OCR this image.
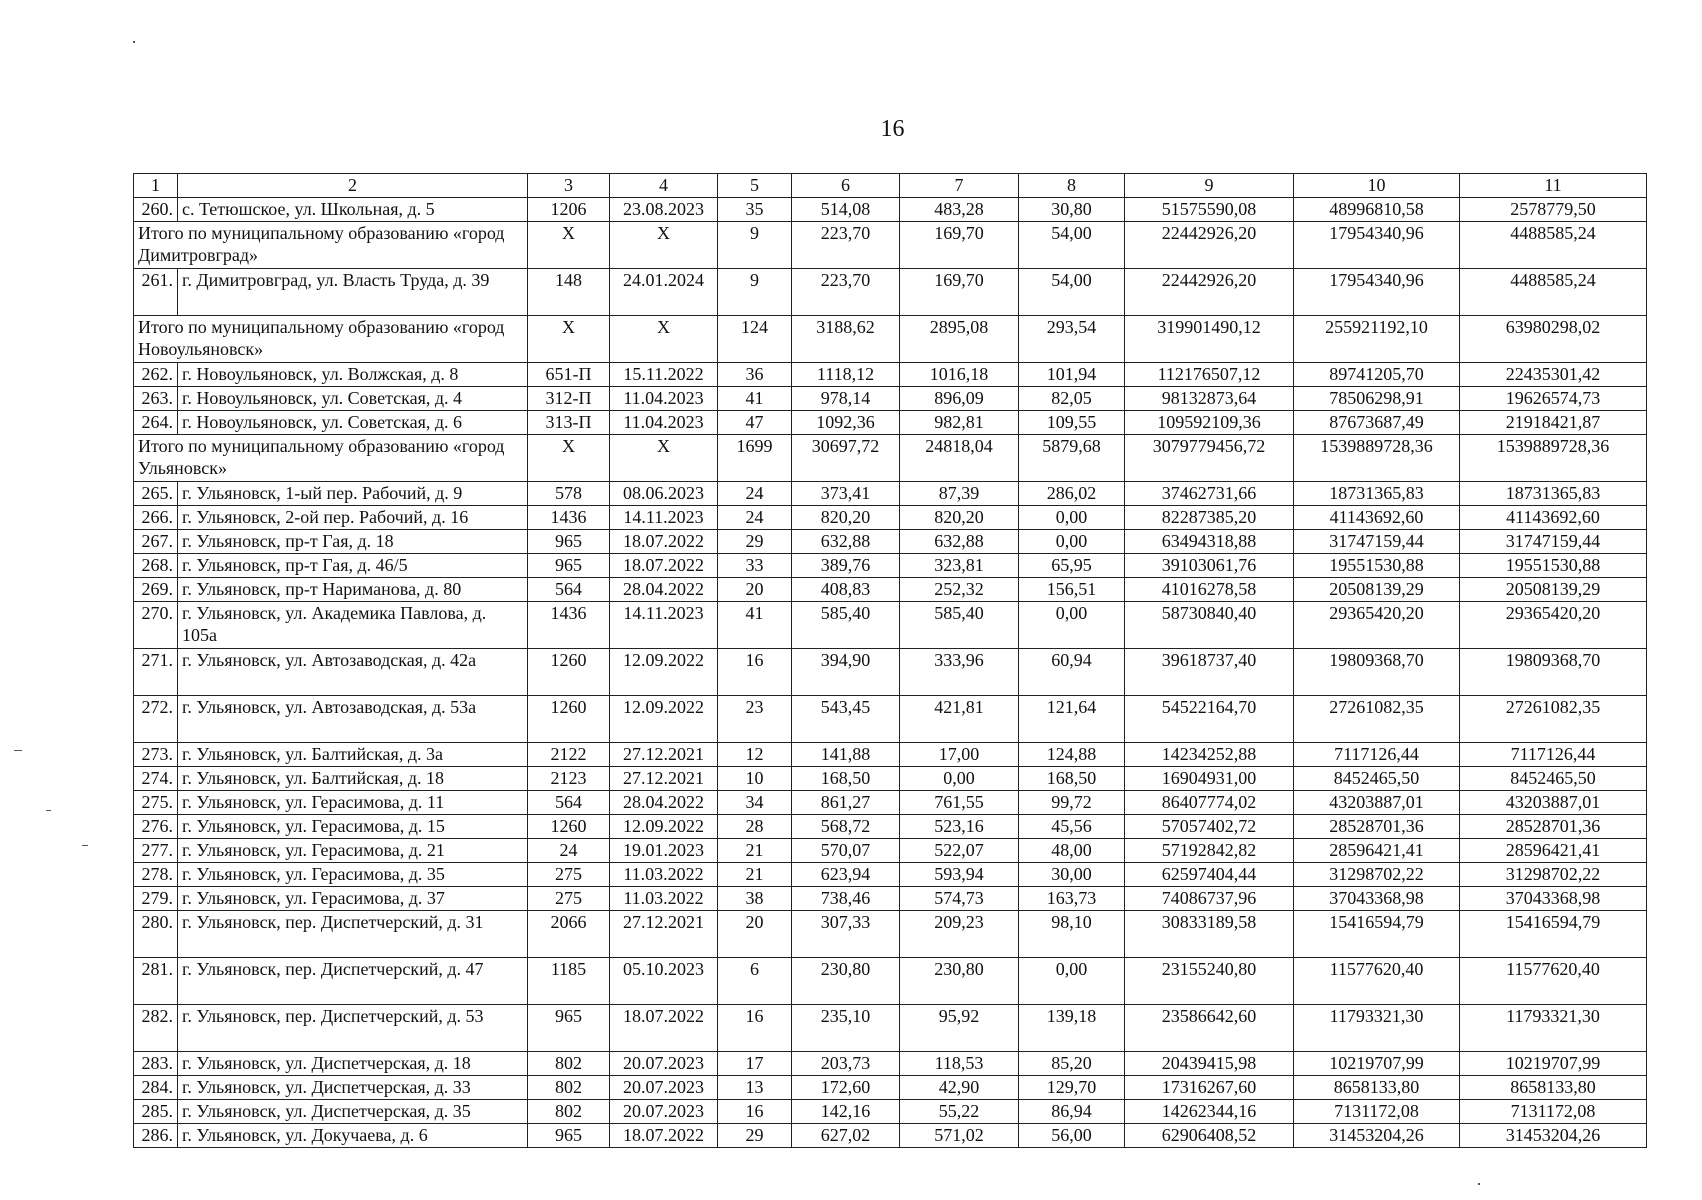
16
1	2	3	4	5	6	7	8	9	10	11
260.	с. Тетюшское, ул. Школьная, д. 5	1206	23.08.2023	35	514,08	483,28	30,80	51575590,08	48996810,58	2578779,50
Итого по муниципальному образованию «город Димитровград»		X	X	9	223,70	169,70	54,00	22442926,20	17954340,96	4488585,24
261.	г. Димитровград, ул. Власть Труда, д. 39	148	24.01.2024	9	223,70	169,70	54,00	22442926,20	17954340,96	4488585,24
Итого по муниципальному образованию «город Новоульяновск»		X	X	124	3188,62	2895,08	293,54	319901490,12	255921192,10	63980298,02
262.	г. Новоульяновск, ул. Волжская, д. 8	651-П	15.11.2022	36	1118,12	1016,18	101,94	112176507,12	89741205,70	22435301,42
263.	г. Новоульяновск, ул. Советская, д. 4	312-П	11.04.2023	41	978,14	896,09	82,05	98132873,64	78506298,91	19626574,73
264.	г. Новоульяновск, ул. Советская, д. 6	313-П	11.04.2023	47	1092,36	982,81	109,55	109592109,36	87673687,49	21918421,87
Итого по муниципальному образованию «город Ульяновск»		X	X	1699	30697,72	24818,04	5879,68	3079779456,72	1539889728,36	1539889728,36
265.	г. Ульяновск, 1-ый пер. Рабочий, д. 9	578	08.06.2023	24	373,41	87,39	286,02	37462731,66	18731365,83	18731365,83
266.	г. Ульяновск, 2-ой пер. Рабочий, д. 16	1436	14.11.2023	24	820,20	820,20	0,00	82287385,20	41143692,60	41143692,60
267.	г. Ульяновск, пр-т Гая, д. 18	965	18.07.2022	29	632,88	632,88	0,00	63494318,88	31747159,44	31747159,44
268.	г. Ульяновск, пр-т Гая, д. 46/5	965	18.07.2022	33	389,76	323,81	65,95	39103061,76	19551530,88	19551530,88
269.	г. Ульяновск, пр-т Нариманова, д. 80	564	28.04.2022	20	408,83	252,32	156,51	41016278,58	20508139,29	20508139,29
270.	г. Ульяновск, ул. Академика Павлова, д. 105а	1436	14.11.2023	41	585,40	585,40	0,00	58730840,40	29365420,20	29365420,20
271.	г. Ульяновск, ул. Автозаводская, д. 42а	1260	12.09.2022	16	394,90	333,96	60,94	39618737,40	19809368,70	19809368,70
272.	г. Ульяновск, ул. Автозаводская, д. 53а	1260	12.09.2022	23	543,45	421,81	121,64	54522164,70	27261082,35	27261082,35
273.	г. Ульяновск, ул. Балтийская, д. 3а	2122	27.12.2021	12	141,88	17,00	124,88	14234252,88	7117126,44	7117126,44
274.	г. Ульяновск, ул. Балтийская, д. 18	2123	27.12.2021	10	168,50	0,00	168,50	16904931,00	8452465,50	8452465,50
275.	г. Ульяновск, ул. Герасимова, д. 11	564	28.04.2022	34	861,27	761,55	99,72	86407774,02	43203887,01	43203887,01
276.	г. Ульяновск, ул. Герасимова, д. 15	1260	12.09.2022	28	568,72	523,16	45,56	57057402,72	28528701,36	28528701,36
277.	г. Ульяновск, ул. Герасимова, д. 21	24	19.01.2023	21	570,07	522,07	48,00	57192842,82	28596421,41	28596421,41
278.	г. Ульяновск, ул. Герасимова, д. 35	275	11.03.2022	21	623,94	593,94	30,00	62597404,44	31298702,22	31298702,22
279.	г. Ульяновск, ул. Герасимова, д. 37	275	11.03.2022	38	738,46	574,73	163,73	74086737,96	37043368,98	37043368,98
280.	г. Ульяновск, пер. Диспетчерский, д. 31	2066	27.12.2021	20	307,33	209,23	98,10	30833189,58	15416594,79	15416594,79
281.	г. Ульяновск, пер. Диспетчерский, д. 47	1185	05.10.2023	6	230,80	230,80	0,00	23155240,80	11577620,40	11577620,40
282.	г. Ульяновск, пер. Диспетчерский, д. 53	965	18.07.2022	16	235,10	95,92	139,18	23586642,60	11793321,30	11793321,30
283.	г. Ульяновск, ул. Диспетчерская, д. 18	802	20.07.2023	17	203,73	118,53	85,20	20439415,98	10219707,99	10219707,99
284.	г. Ульяновск, ул. Диспетчерская, д. 33	802	20.07.2023	13	172,60	42,90	129,70	17316267,60	8658133,80	8658133,80
285.	г. Ульяновск, ул. Диспетчерская, д. 35	802	20.07.2023	16	142,16	55,22	86,94	14262344,16	7131172,08	7131172,08
286.	г. Ульяновск, ул. Докучаева, д. 6	965	18.07.2022	29	627,02	571,02	56,00	62906408,52	31453204,26	31453204,26
